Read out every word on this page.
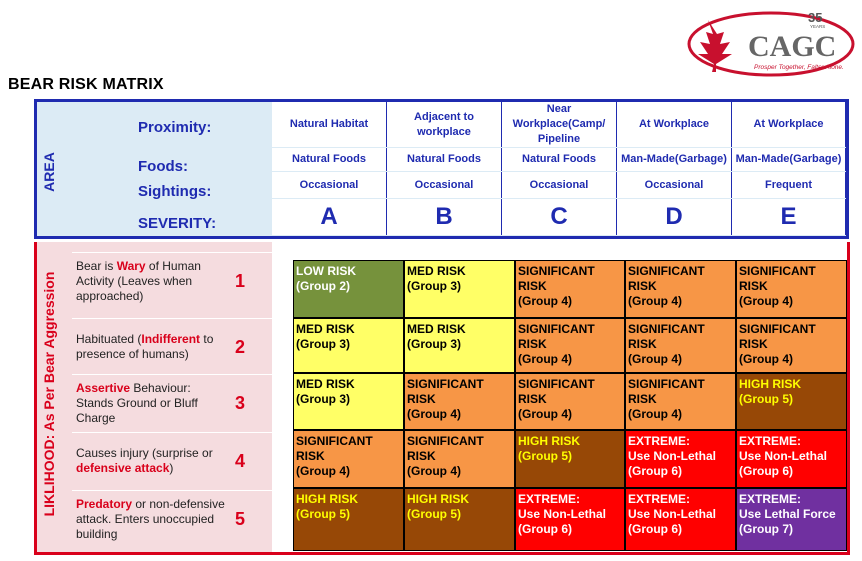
CAGC
Prosper Together, Falter Alone.
35
YEARS
BEAR RISK MATRIX
AREA
Proximity:
Foods:
Sightings:
SEVERITY:
Natural Habitat
Natural Foods
Occasional
A
Adjacent to workplace
Natural Foods
Occasional
B
Near Workplace(Camp/ Pipeline
Natural Foods
Occasional
C
At Workplace
Man-Made(Garbage)
Occasional
D
At Workplace
Man-Made(Garbage)
Frequent
E
LIKLIHOOD: As Per Bear Aggression
Bear is Wary of Human Activity (Leaves when approached)
1
Habituated (Indifferent to presence of humans)	2
Assertive Behaviour: Stands Ground or Bluff Charge
3
Causes injury (surprise or defensive attack)	4
Predatory or non-defensive attack. Enters unoccupied building
5
LOW RISK
(Group 2)
MED RISK
(Group 3)
SIGNIFICANT
RISK
(Group 4)
SIGNIFICANT
RISK
(Group 4)
SIGNIFICANT
RISK
(Group 4)
MED RISK
(Group 3)
MED RISK
(Group 3)
SIGNIFICANT
RISK
(Group 4)
SIGNIFICANT
RISK
(Group 4)
SIGNIFICANT
RISK
(Group 4)
MED RISK
(Group 3)
SIGNIFICANT
RISK
(Group 4)
SIGNIFICANT
RISK
(Group 4)
SIGNIFICANT
RISK
(Group 4)
HIGH RISK
(Group 5)
SIGNIFICANT
RISK
(Group 4)
SIGNIFICANT
RISK
(Group 4)
HIGH RISK
(Group 5)
EXTREME:
Use Non-Lethal
(Group 6)
EXTREME:
Use Non-Lethal
(Group 6)
HIGH RISK
(Group 5)
HIGH RISK
(Group 5)
EXTREME:
Use Non-Lethal
(Group 6)
EXTREME:
Use Non-Lethal
(Group 6)
EXTREME:
Use Lethal Force
(Group 7)
